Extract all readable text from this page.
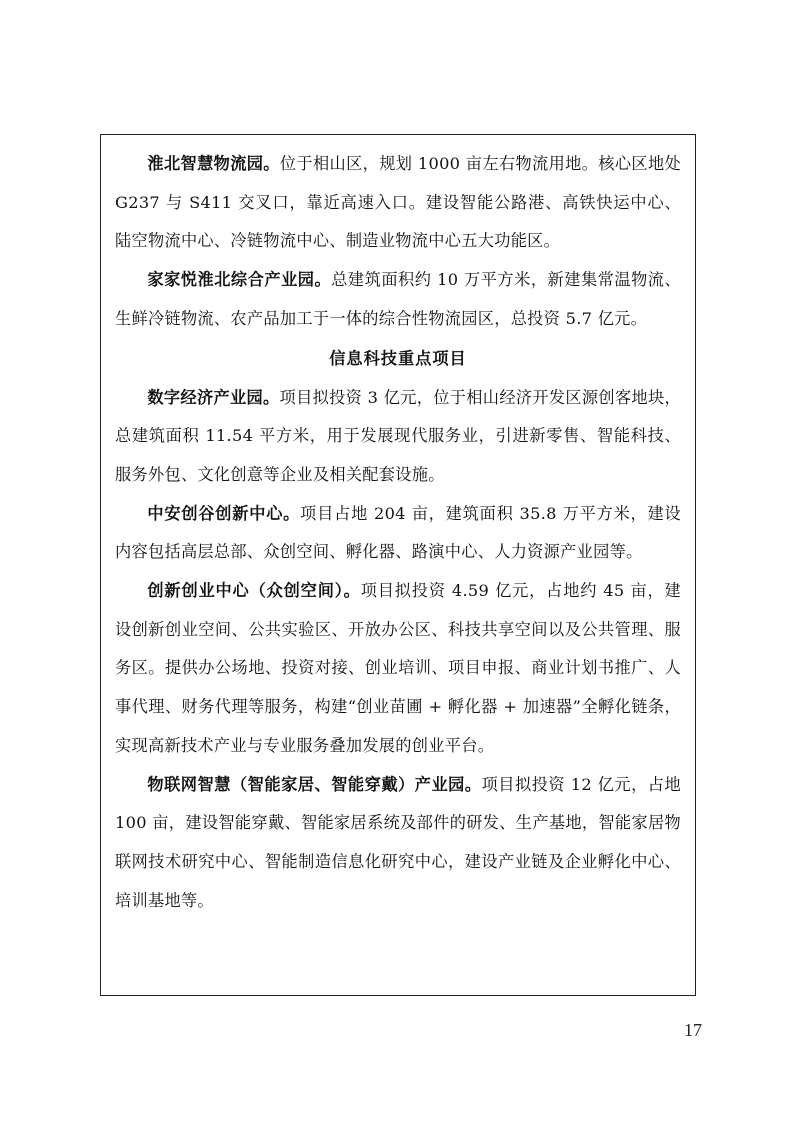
淮北智慧物流园。位于相山区，规划 1000 亩左右物流用地。核心区地处 G237 与 S411 交叉口，靠近高速入口。建设智能公路港、高铁快运中心、陆空物流中心、冷链物流中心、制造业物流中心五大功能区。

家家悦淮北综合产业园。总建筑面积约 10 万平方米，新建集常温物流、生鲜冷链物流、农产品加工于一体的综合性物流园区，总投资 5.7 亿元。

信息科技重点项目

数字经济产业园。项目拟投资 3 亿元，位于相山经济开发区源创客地块，总建筑面积 11.54 平方米，用于发展现代服务业，引进新零售、智能科技、服务外包、文化创意等企业及相关配套设施。

中安创谷创新中心。项目占地 204 亩，建筑面积 35.8 万平方米，建设内容包括高层总部、众创空间、孵化器、路演中心、人力资源产业园等。

创新创业中心（众创空间）。项目拟投资 4.59 亿元，占地约 45 亩，建设创新创业空间、公共实验区、开放办公区、科技共享空间以及公共管理、服务区。提供办公场地、投资对接、创业培训、项目申报、商业计划书推广、人事代理、财务代理等服务，构建“创业苗圃 + 孵化器 + 加速器”全孵化链条，实现高新技术产业与专业服务叠加发展的创业平台。

物联网智慧（智能家居、智能穿戴）产业园。项目拟投资 12 亿元，占地 100 亩，建设智能穿戴、智能家居系统及部件的研发、生产基地，智能家居物联网技术研究中心、智能制造信息化研究中心，建设产业链及企业孵化中心、培训基地等。

17
